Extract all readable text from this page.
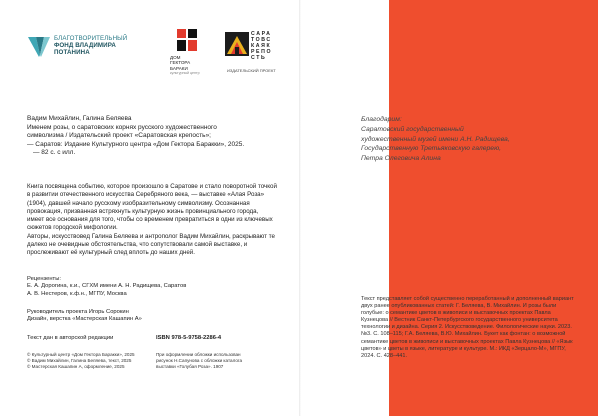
БЛАГОТВОРИТЕЛЬНЫЙ
ФОНД ВЛАДИМИРА
ПОТАНИНА
ДОМ
ГЕКТОРА
БАРАКИ
культурный центр
САРА ТОВС КАЯК РЕПО СТЬ
ИЗДАТЕЛЬСКИЙ ПРОЕКТ
Вадим Михайлин, Галина Беляева
Именем розы, о саратовских корнях русского художественного
символизма / Издательский проект «Саратовская крепость»;
— Саратов: Издание Культурного центра «Дом Гектора Баракки», 2025.
— 82 с. с илл.

Книга посвящена событию, которое произошло в Саратове и стало поворотной точкой в развитии отечественного искусства Серебряного века, — выставке «Алая Роза» (1904), давшей начало русскому изобразительному символизму. Осознанная провокация, призванная встряхнуть культурную жизнь провинциального города, имеет все основания для того, чтобы со временем превратиться в одни из ключевых сюжетов городской мифологии.

Авторы, искусствовед Галина Беляева и антрополог Вадим Михайлин, раскрывают те далеко не очевидные обстоятельства, что сопутствовали самой выставке, и прослеживают её культурный след вплоть до наших дней.

Рецензенты:
Е. А. Дорогина, к.и., СГХМ имени А. Н. Радищева, Саратов
А. В. Нестеров, к.ф.н., МГПУ, Москва
Руководитель проекта Игорь Сорокин
Дизайн, верстка «Мастерская Кашапин А»
Текст дан в авторской редакции	ISBN 978-5-9758-2286-4
© Культурный центр «Дом Гектора Баракки», 2025
© Вадим Михайлин, Галина Беляева, текст, 2025
© Мастерская Кашапин А, оформление, 2025
При оформлении обложки использован
рисунок Н.Сапунова с обложки каталога
выставки «Голубая Роза». 1907
Благодарим:
Саратовский государственный
художественный музей имени А.Н. Радищева,
Государственную Третьяковскую галерею,
Петра Олеговича Алина
Текст представляет собой существенно переработанный и дополненный вариант двух ранее опубликованных статей: Г. Беляева, В. Михайлин. И розы были голубые: о семантике цветов в живописи и выставочных проектах Павла Кузнецова // Вестник Санкт-Петербургского государственного университета технологии и дизайна. Серия 2. Искусствоведение. Филологические науки. 2023. №3. С. 108–115; Г.А. Беляева, В.Ю. Михайлин. Букет как фонтан: о возможной семантике цветов в живописи и выставочных проектах Павла Кузнецова // «Язык цветов» и цветы в языке, литературе и культуре. М.: ИКД «Зерцало-М», МГПУ, 2024. С. 428–441.
